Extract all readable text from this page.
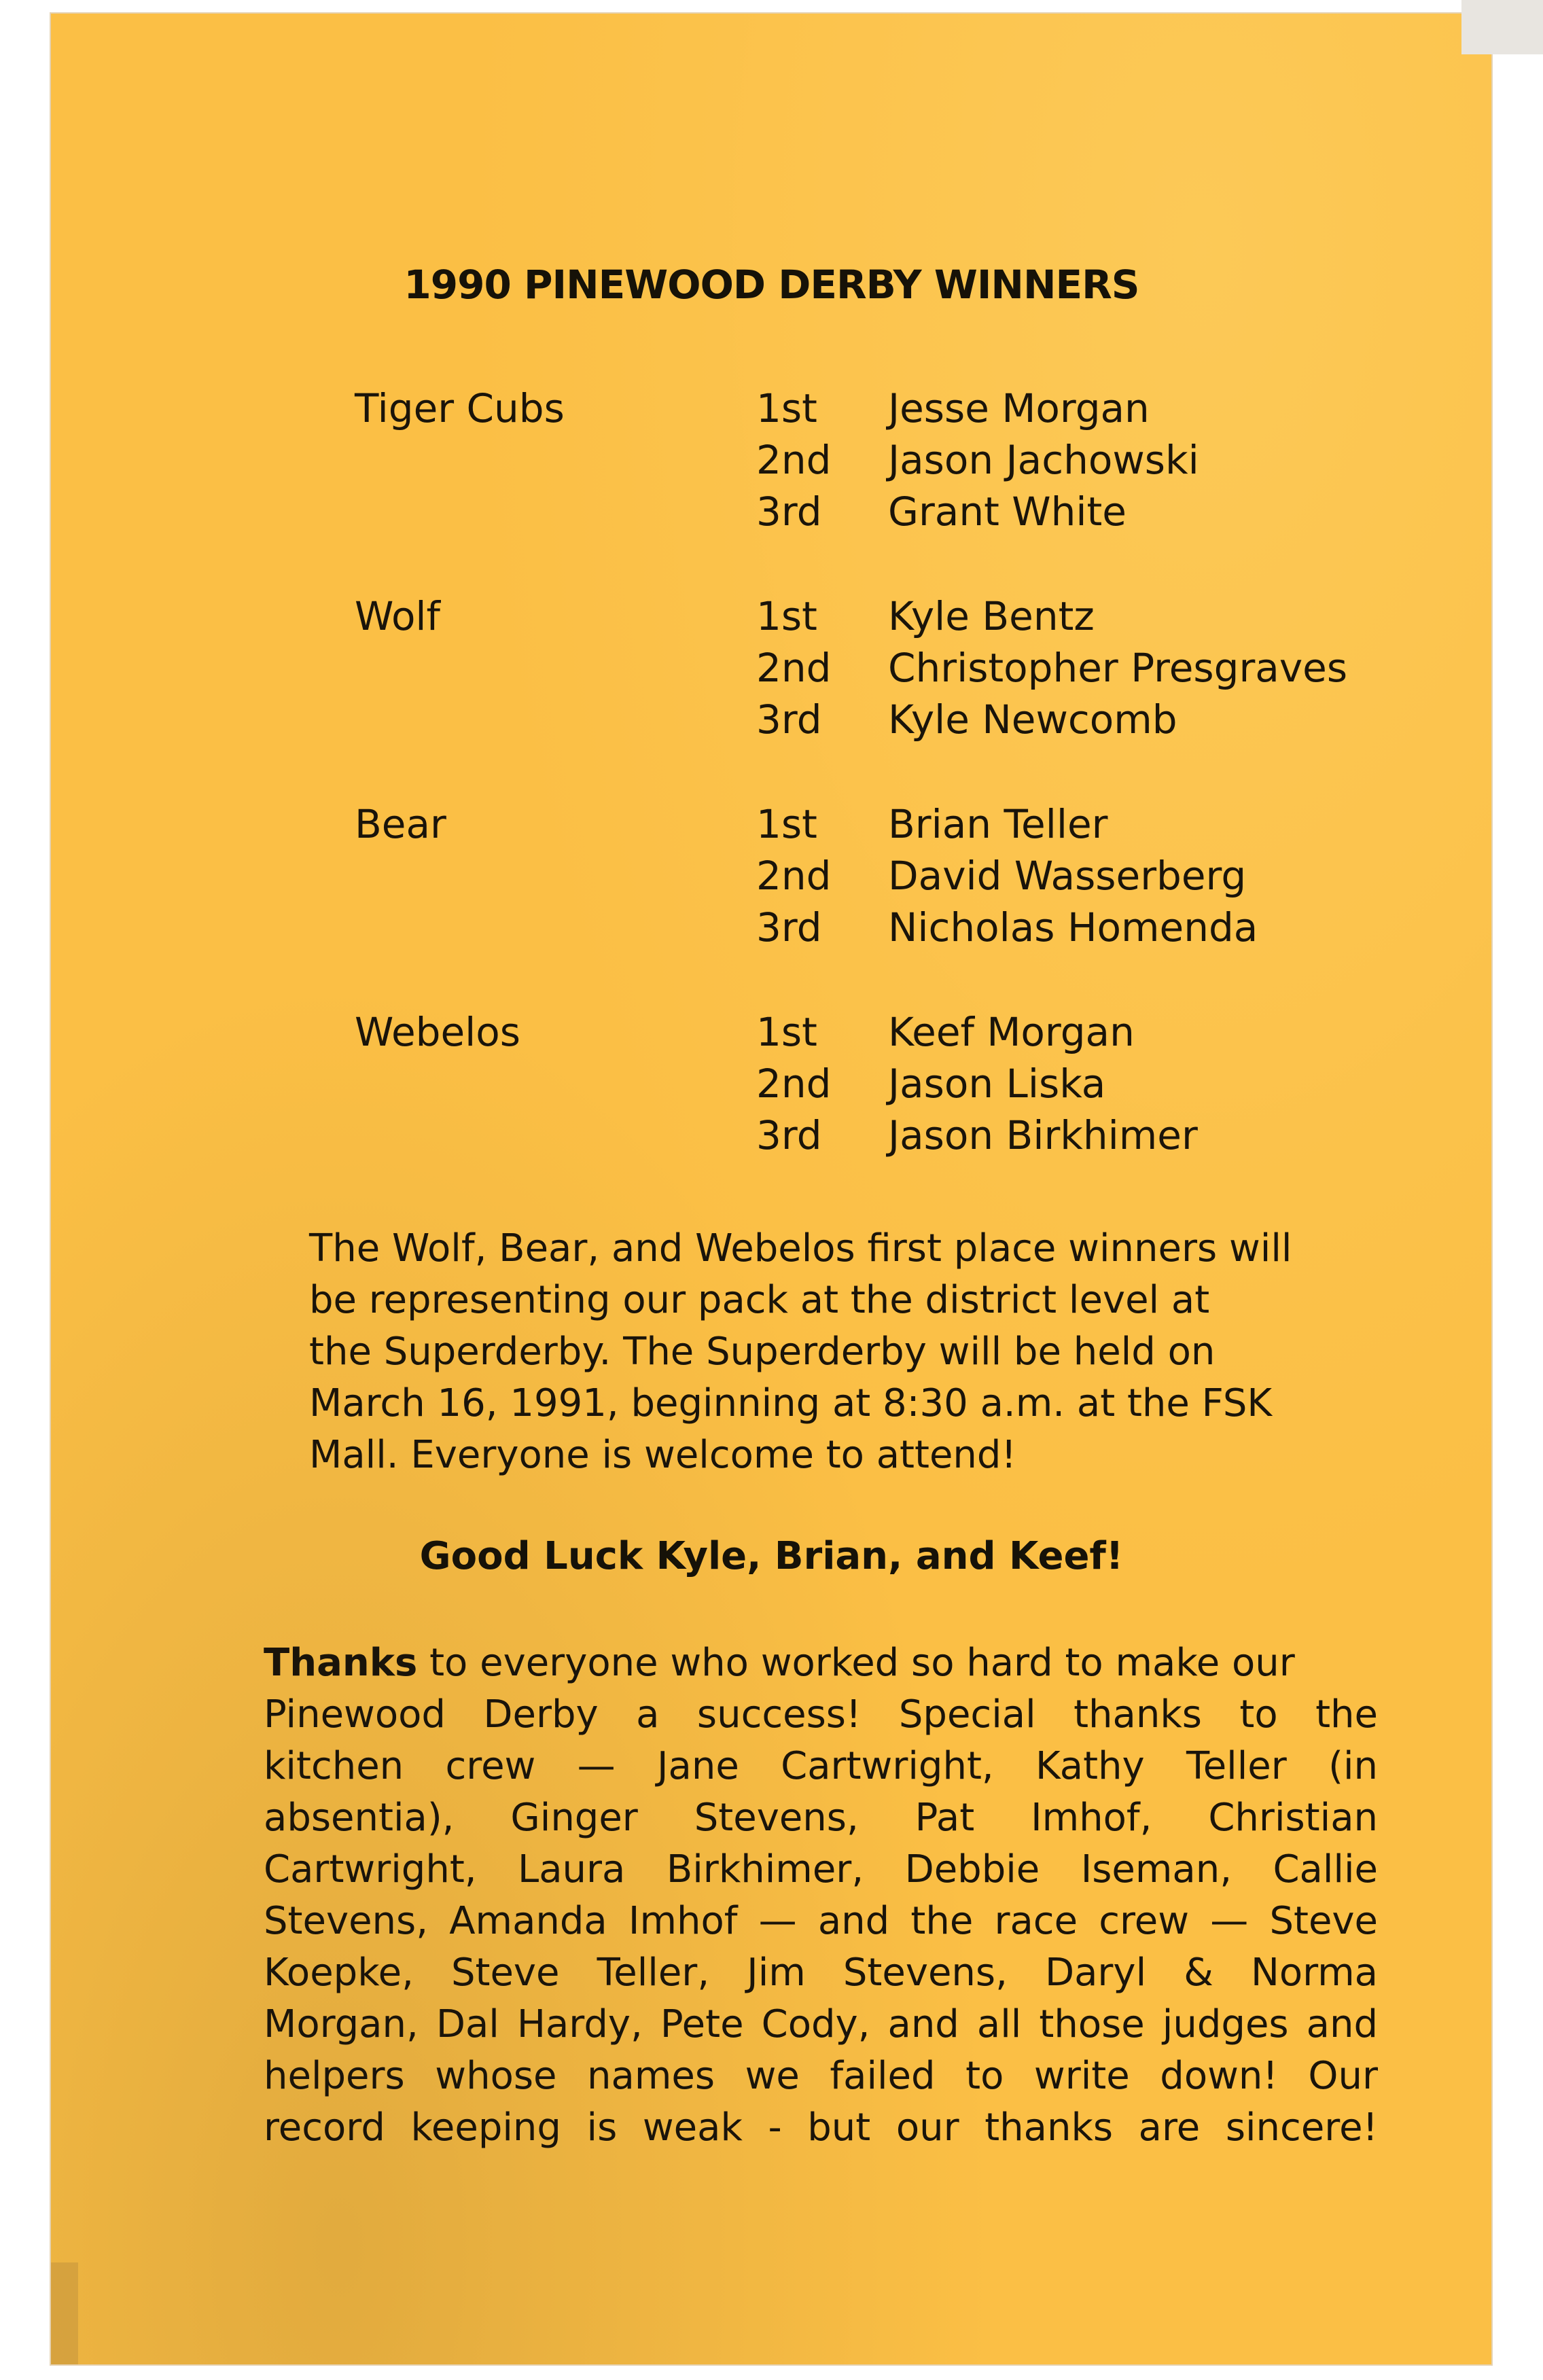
1990 PINEWOOD DERBY WINNERS
Tiger Cubs	1st Jesse Morgan
2nd Jason Jachowski
3rd Grant White
Wolf	1st Kyle Bentz
2nd Christopher Presgraves
3rd Kyle Newcomb
Bear	1st Brian Teller
2nd David Wasserberg
3rd Nicholas Homenda
Webelos	1st Keef Morgan
2nd Jason Liska
3rd Jason Birkhimer
The Wolf, Bear, and Webelos first place winners will
be representing our pack at the district level at
the Superderby. The Superderby will be held on
March 16, 1991, beginning at 8:30 a.m. at the FSK
Mall. Everyone is welcome to attend!
Good Luck Kyle, Brian, and Keef!
Thanks to everyone who worked so hard to make our
Pinewood Derby a success! Special thanks to the
kitchen crew — Jane Cartwright, Kathy Teller (in
absentia), Ginger Stevens, Pat Imhof, Christian
Cartwright, Laura Birkhimer, Debbie Iseman, Callie
Stevens, Amanda Imhof — and the race crew — Steve
Koepke, Steve Teller, Jim Stevens, Daryl & Norma
Morgan, Dal Hardy, Pete Cody, and all those judges and
helpers whose names we failed to write down! Our
record keeping is weak - but our thanks are sincere!
